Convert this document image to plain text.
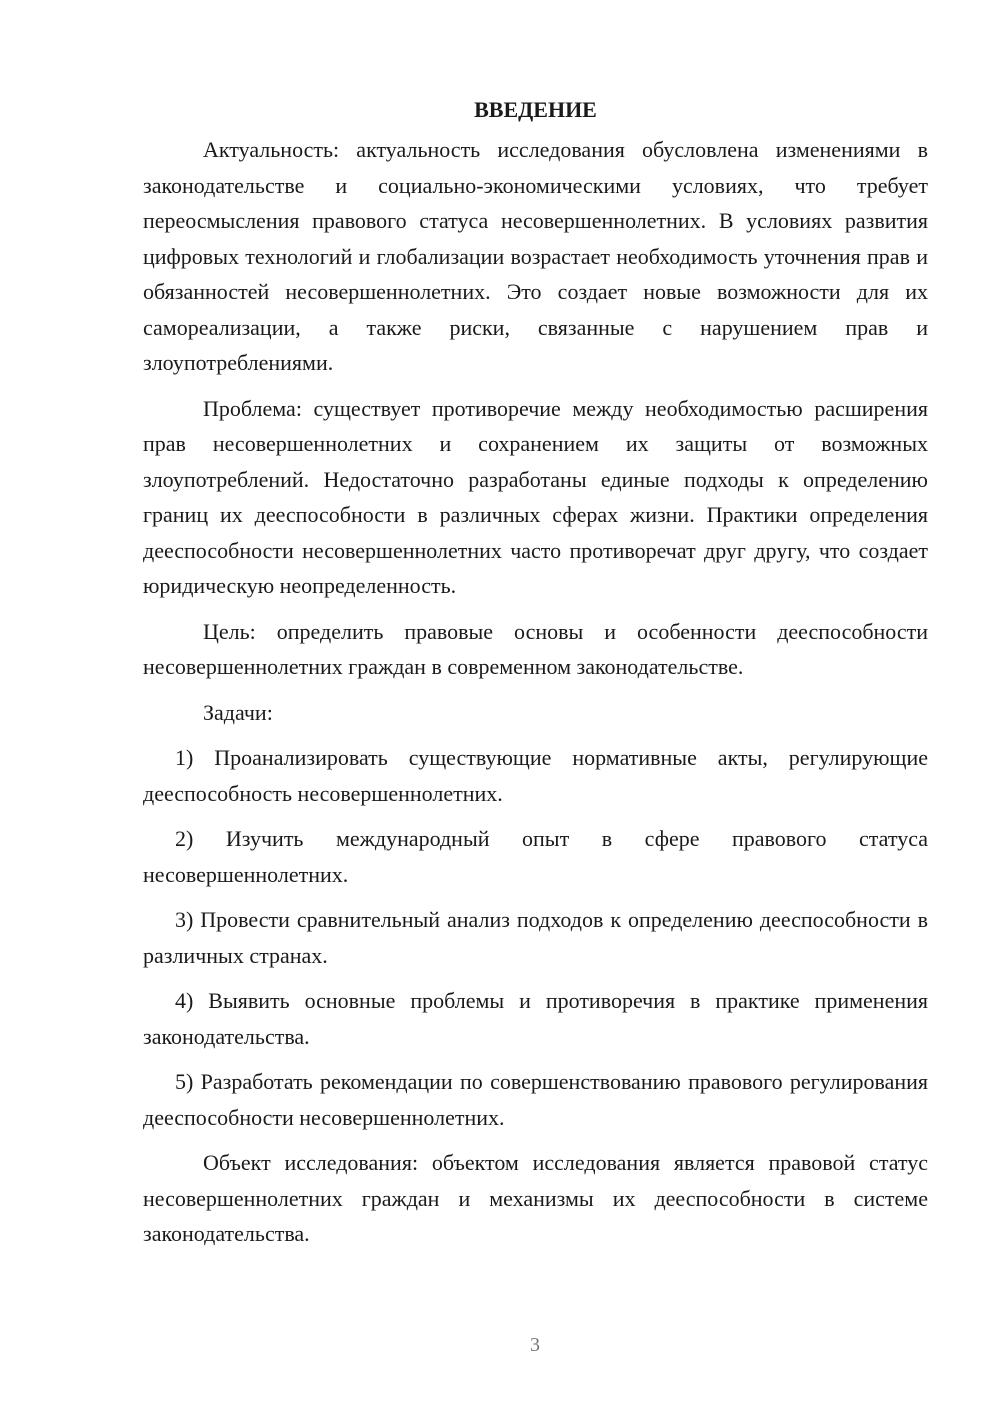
ВВЕДЕНИЕ

Актуальность: актуальность исследования обусловлена изменениями в законодательстве и социально-экономическими условиях, что требует переосмысления правового статуса несовершеннолетних. В условиях развития цифровых технологий и глобализации возрастает необходимость уточнения прав и обязанностей несовершеннолетних. Это создает новые возможности для их самореализации, а также риски, связанные с нарушением прав и злоупотреблениями.

Проблема: существует противоречие между необходимостью расширения прав несовершеннолетних и сохранением их защиты от возможных злоупотреблений. Недостаточно разработаны единые подходы к определению границ их дееспособности в различных сферах жизни. Практики определения дееспособности несовершеннолетних часто противоречат друг другу, что создает юридическую неопределенность.

Цель: определить правовые основы и особенности дееспособности несовершеннолетних граждан в современном законодательстве.

Задачи:

1) Проанализировать существующие нормативные акты, регулирующие дееспособность несовершеннолетних.

2) Изучить международный опыт в сфере правового статуса несовершеннолетних.

3) Провести сравнительный анализ подходов к определению дееспособности в различных странах.

4) Выявить основные проблемы и противоречия в практике применения законодательства.

5) Разработать рекомендации по совершенствованию правового регулирования дееспособности несовершеннолетних.

Объект исследования: объектом исследования является правовой статус несовершеннолетних граждан и механизмы их дееспособности в системе законодательства.

3
